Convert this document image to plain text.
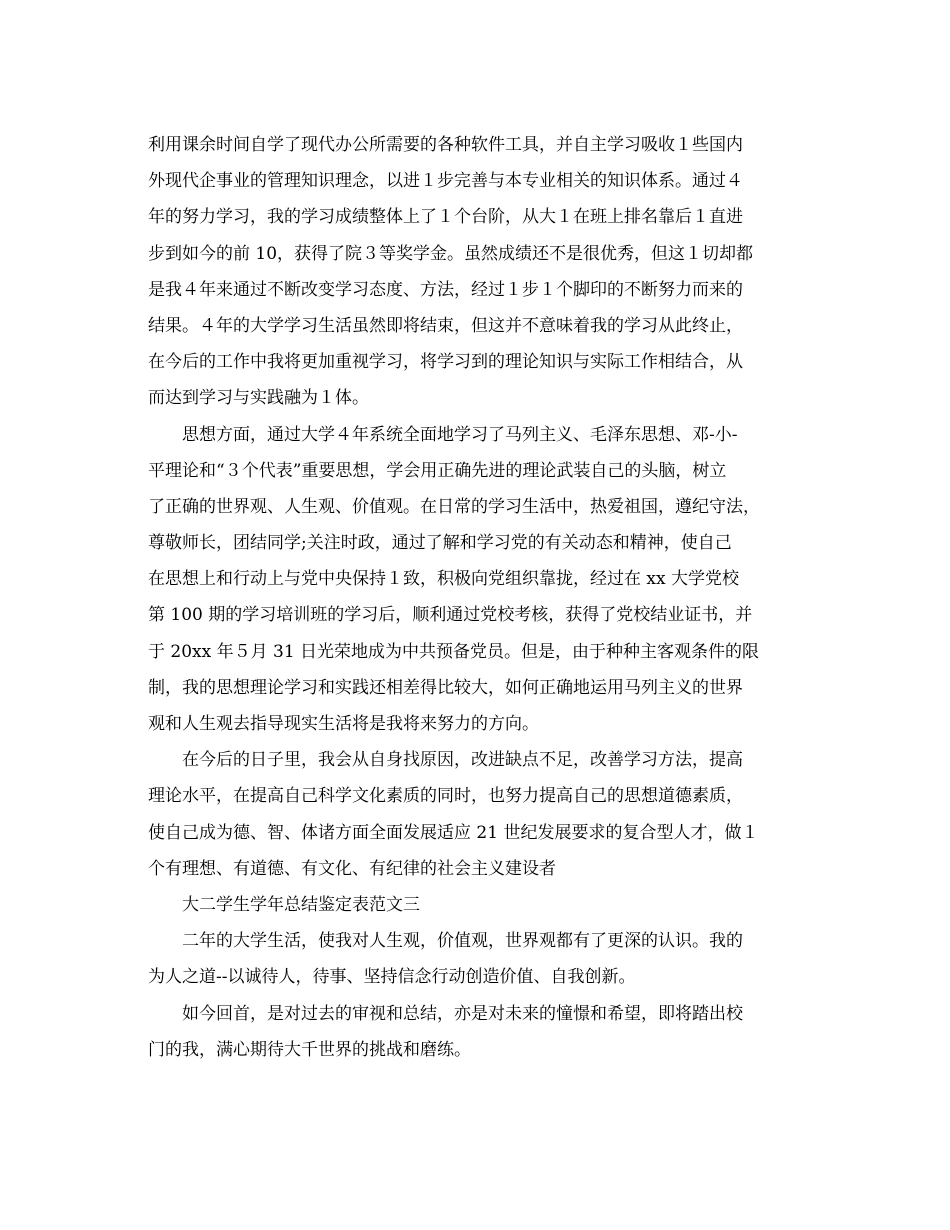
利用课余时间自学了现代办公所需要的各种软件工具，并自主学习吸收１些国内
外现代企事业的管理知识理念，以进１步完善与本专业相关的知识体系。通过４
年的努力学习，我的学习成绩整体上了１个台阶，从大１在班上排名靠后１直进
步到如今的前 10，获得了院３等奖学金。虽然成绩还不是很优秀，但这１切却都
是我４年来通过不断改变学习态度、方法，经过１步１个脚印的不断努力而来的
结果。４年的大学学习生活虽然即将结束，但这并不意味着我的学习从此终止，
在今后的工作中我将更加重视学习，将学习到的理论知识与实际工作相结合，从
而达到学习与实践融为１体。
思想方面，通过大学４年系统全面地学习了马列主义、毛泽东思想、邓-小-
平理论和“３个代表”重要思想，学会用正确先进的理论武装自己的头脑，树立
了正确的世界观、人生观、价值观。在日常的学习生活中，热爱祖国，遵纪守法，
尊敬师长，团结同学;关注时政，通过了解和学习党的有关动态和精神，使自己
在思想上和行动上与党中央保持１致，积极向党组织靠拢，经过在 xx 大学党校
第 100 期的学习培训班的学习后，顺利通过党校考核，获得了党校结业证书，并
于 20xx 年５月 31 日光荣地成为中共预备党员。但是，由于种种主客观条件的限
制，我的思想理论学习和实践还相差得比较大，如何正确地运用马列主义的世界
观和人生观去指导现实生活将是我将来努力的方向。
在今后的日子里，我会从自身找原因，改进缺点不足，改善学习方法，提高
理论水平，在提高自己科学文化素质的同时，也努力提高自己的思想道德素质，
使自己成为德、智、体诸方面全面发展适应 21 世纪发展要求的复合型人才，做１
个有理想、有道德、有文化、有纪律的社会主义建设者
大二学生学年总结鉴定表范文三
二年的大学生活，使我对人生观，价值观，世界观都有了更深的认识。我的
为人之道--以诚待人，待事、坚持信念行动创造价值、自我创新。
如今回首，是对过去的审视和总结，亦是对未来的憧憬和希望，即将踏出校
门的我，满心期待大千世界的挑战和磨练。
